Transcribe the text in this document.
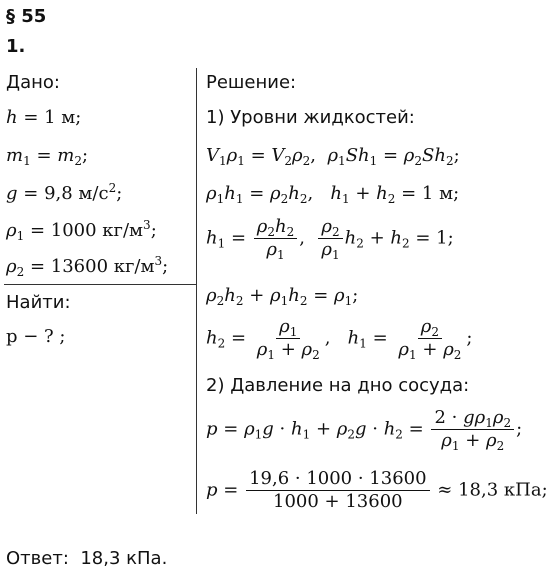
§ 55
1.
Дано:
h = 1 м;
$m_1 = m_2$;
g = 9,8 $м/с^2$;
$\rho_1 = 1000$ $кг/м^3$;
$\rho_2 = 13600$ $кг/м^3$;
Найти:
p − ? ;
Решение:
1) Уровни жидкостей:
$V_1\rho_1 = V_2\rho_2$,  $\rho_1Sh_1 = \rho_2Sh_2$;
$\rho_1h_1 = \rho_2h_2$,   $h_1 + h_2 = 1$ м;
$h_1 = \frac{\rho_2h_2}{\rho_1}$ , $\frac{\rho_2}{\rho_1} h_2 + h_2 = 1$;
$\rho_2h_2 + \rho_1h_2 = \rho_1$;
$h_2 = \frac{\rho_1}{\rho_1 + \rho_2}$ ,   $h_1 = \frac{\rho_2}{\rho_1 + \rho_2}$ ;
2) Давление на дно сосуда:
$p = \rho_1g \cdot h_1 + \rho_2g \cdot h_2 = \frac{2 \cdot g\rho_1\rho_2}{\rho_1 + \rho_2}$ ;
$p = \frac{19,6 \cdot 1000 \cdot 13600}{1000 + 13600} \approx 18,3$ кПа;
Ответ: 18,3 кПа.
